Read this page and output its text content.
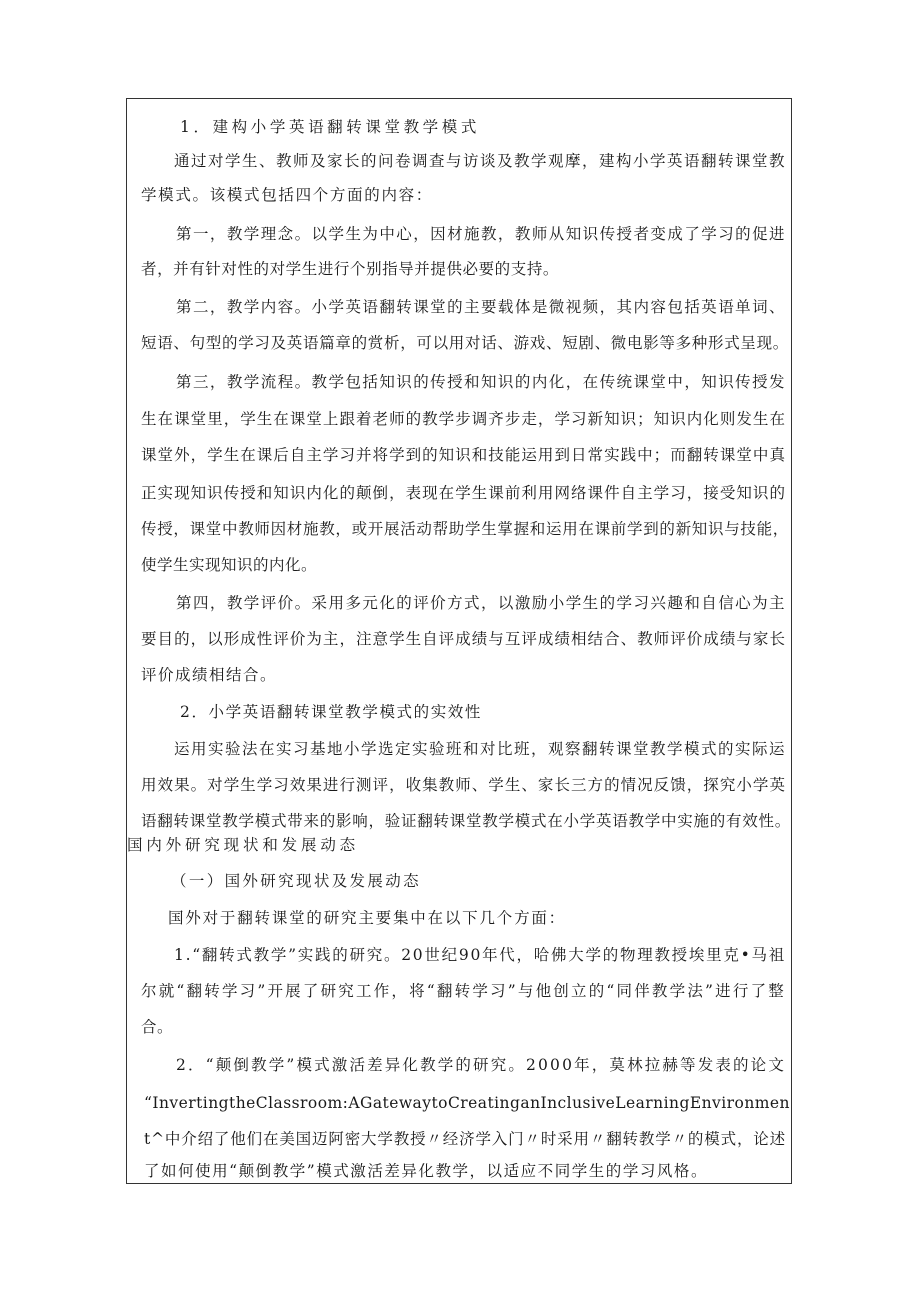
1．建构小学英语翻转课堂教学模式
通过对学生、教师及家长的问卷调查与访谈及教学观摩，建构小学英语翻转课堂教
学模式。该模式包括四个方面的内容：
第一，教学理念。以学生为中心，因材施教，教师从知识传授者变成了学习的促进
者，并有针对性的对学生进行个别指导并提供必要的支持。
第二，教学内容。小学英语翻转课堂的主要载体是微视频，其内容包括英语单词、
短语、句型的学习及英语篇章的赏析，可以用对话、游戏、短剧、微电影等多种形式呈现。
第三，教学流程。教学包括知识的传授和知识的内化，在传统课堂中，知识传授发
生在课堂里，学生在课堂上跟着老师的教学步调齐步走，学习新知识；知识内化则发生在
课堂外，学生在课后自主学习并将学到的知识和技能运用到日常实践中；而翻转课堂中真
正实现知识传授和知识内化的颠倒，表现在学生课前利用网络课件自主学习，接受知识的
传授，课堂中教师因材施教，或开展活动帮助学生掌握和运用在课前学到的新知识与技能，
使学生实现知识的内化。
第四，教学评价。采用多元化的评价方式，以激励小学生的学习兴趣和自信心为主
要目的，以形成性评价为主，注意学生自评成绩与互评成绩相结合、教师评价成绩与家长
评价成绩相结合。
2．小学英语翻转课堂教学模式的实效性
运用实验法在实习基地小学选定实验班和对比班，观察翻转课堂教学模式的实际运
用效果。对学生学习效果进行测评，收集教师、学生、家长三方的情况反馈，探究小学英
语翻转课堂教学模式带来的影响，验证翻转课堂教学模式在小学英语教学中实施的有效性。
国内外研究现状和发展动态
（一）国外研究现状及发展动态
国外对于翻转课堂的研究主要集中在以下几个方面：
1.“翻转式教学”实践的研究。20世纪90年代，哈佛大学的物理教授埃里克•马祖
尔就“翻转学习”开展了研究工作，将“翻转学习”与他创立的“同伴教学法”进行了整
合。
2．“颠倒教学”模式激活差异化教学的研究。2000年，莫林拉赫等发表的论文
“InvertingtheClassroom:AGatewaytoCreatinganInclusiveLearningEnvironmen
t^中介绍了他们在美国迈阿密大学教授〃经济学入门〃时采用〃翻转教学〃的模式，论述
了如何使用“颠倒教学”模式激活差异化教学，以适应不同学生的学习风格。
